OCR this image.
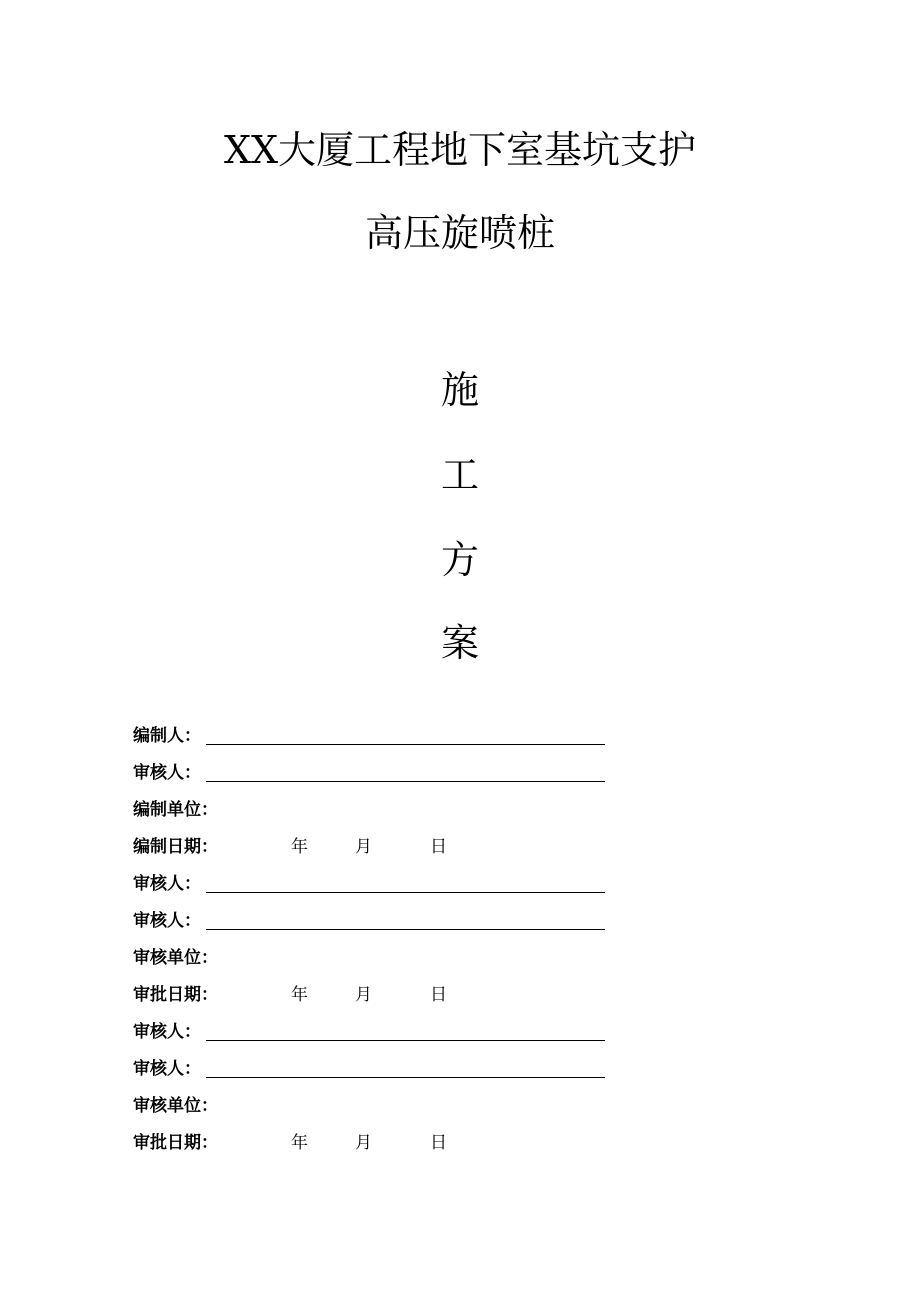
XX大厦工程地下室基坑支护
高压旋喷桩
施
工
方
案
编制人：
审核人：
编制单位：
编制日期：	年	月	日
审核人：
审核人：
审核单位：
审批日期：	年	月	日
审核人：
审核人：
审核单位：
审批日期：	年	月	日
